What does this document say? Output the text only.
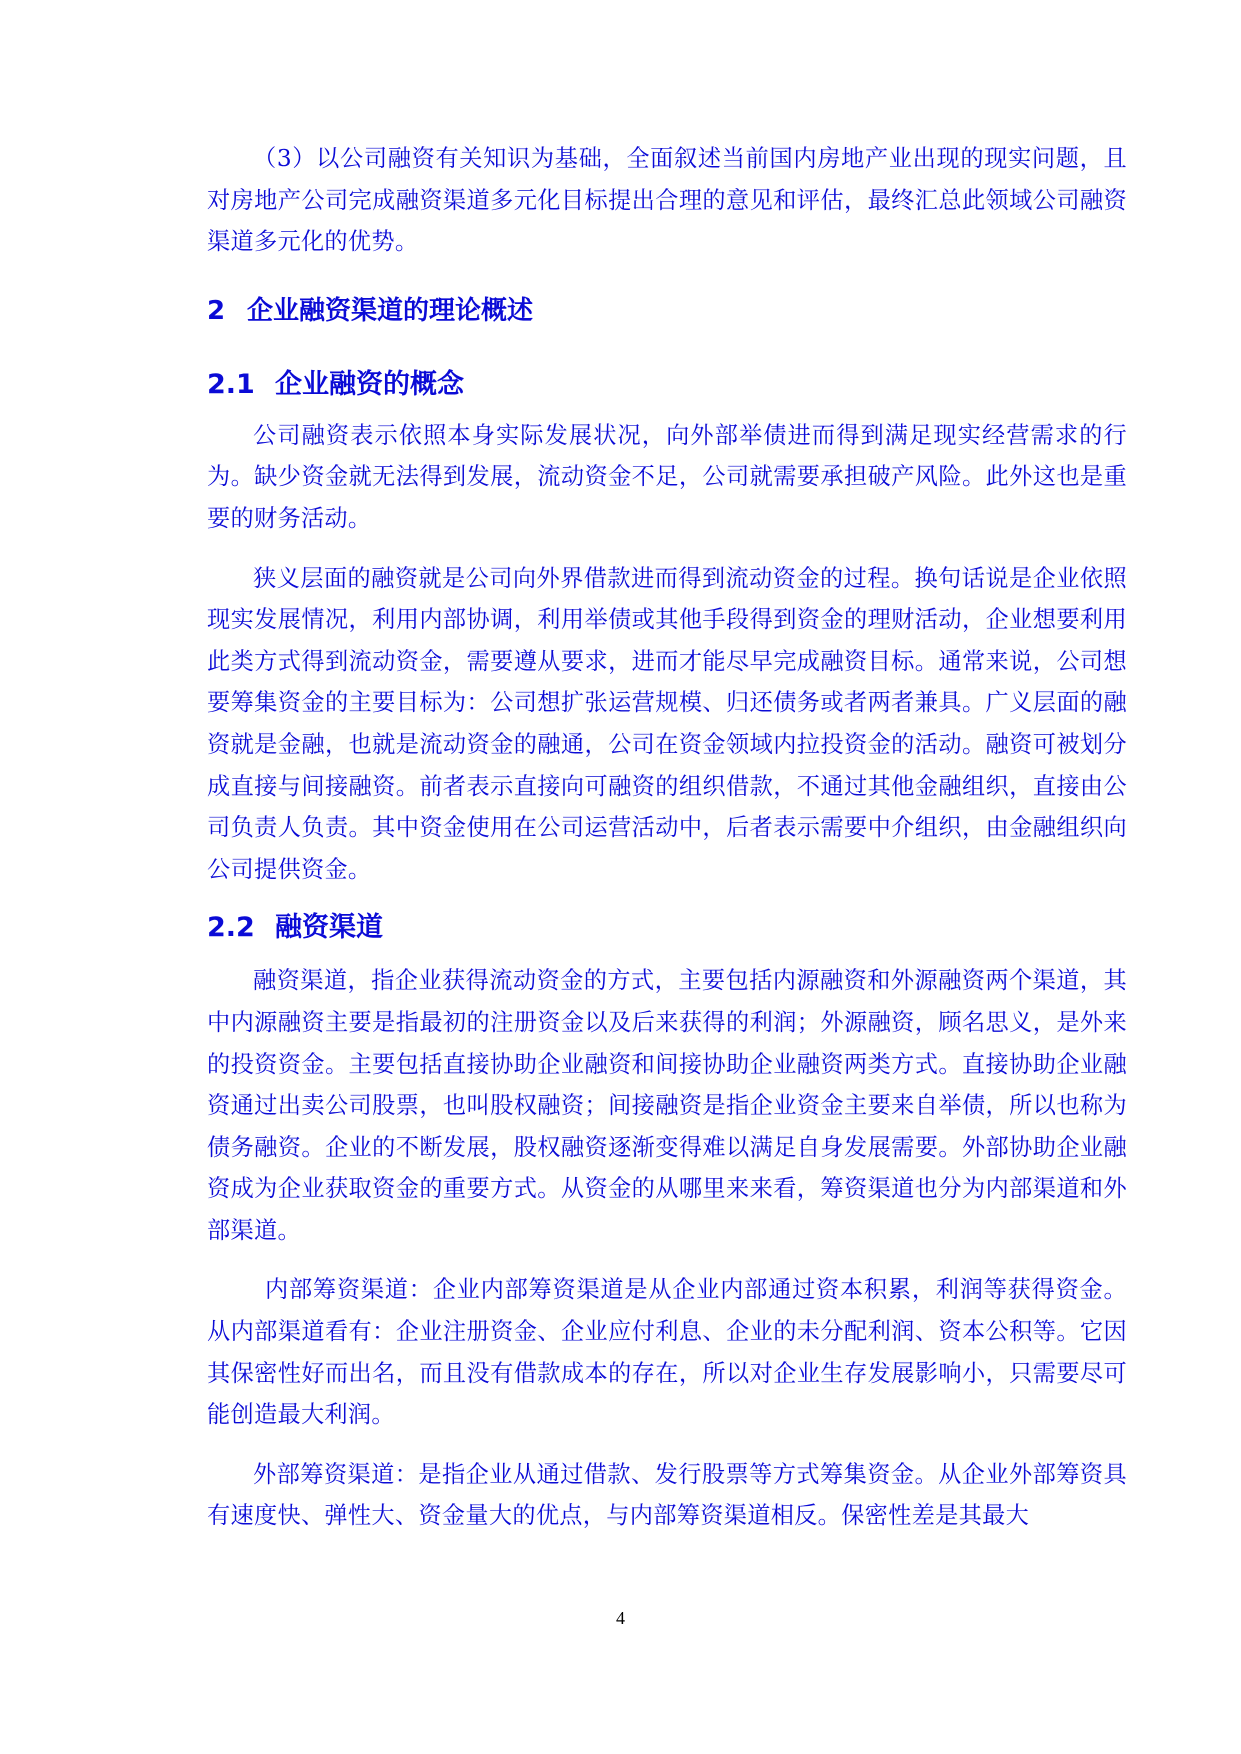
（3）以公司融资有关知识为基础，全面叙述当前国内房地产业出现的现实问题，且对房地产公司完成融资渠道多元化目标提出合理的意见和评估，最终汇总此领域公司融资渠道多元化的优势。

2 企业融资渠道的理论概述
2.1 企业融资的概念

公司融资表示依照本身实际发展状况，向外部举债进而得到满足现实经营需求的行为。缺少资金就无法得到发展，流动资金不足，公司就需要承担破产风险。此外这也是重要的财务活动。

狭义层面的融资就是公司向外界借款进而得到流动资金的过程。换句话说是企业依照现实发展情况，利用内部协调，利用举债或其他手段得到资金的理财活动，企业想要利用此类方式得到流动资金，需要遵从要求，进而才能尽早完成融资目标。通常来说，公司想要筹集资金的主要目标为：公司想扩张运营规模、归还债务或者两者兼具。广义层面的融资就是金融，也就是流动资金的融通，公司在资金领域内拉投资金的活动。融资可被划分成直接与间接融资。前者表示直接向可融资的组织借款，不通过其他金融组织，直接由公司负责人负责。其中资金使用在公司运营活动中，后者表示需要中介组织，由金融组织向公司提供资金。

2.2 融资渠道

融资渠道，指企业获得流动资金的方式，主要包括内源融资和外源融资两个渠道，其中内源融资主要是指最初的注册资金以及后来获得的利润；外源融资，顾名思义，是外来的投资资金。主要包括直接协助企业融资和间接协助企业融资两类方式。直接协助企业融资通过出卖公司股票，也叫股权融资；间接融资是指企业资金主要来自举债，所以也称为债务融资。企业的不断发展，股权融资逐渐变得难以满足自身发展需要。外部协助企业融资成为企业获取资金的重要方式。从资金的从哪里来来看，筹资渠道也分为内部渠道和外部渠道。

内部筹资渠道：企业内部筹资渠道是从企业内部通过资本积累，利润等获得资金。从内部渠道看有：企业注册资金、企业应付利息、企业的未分配利润、资本公积等。它因其保密性好而出名，而且没有借款成本的存在，所以对企业生存发展影响小，只需要尽可能创造最大利润。

外部筹资渠道：是指企业从通过借款、发行股票等方式筹集资金。从企业外部筹资具有速度快、弹性大、资金量大的优点，与内部筹资渠道相反。保密性差是其最大

4
